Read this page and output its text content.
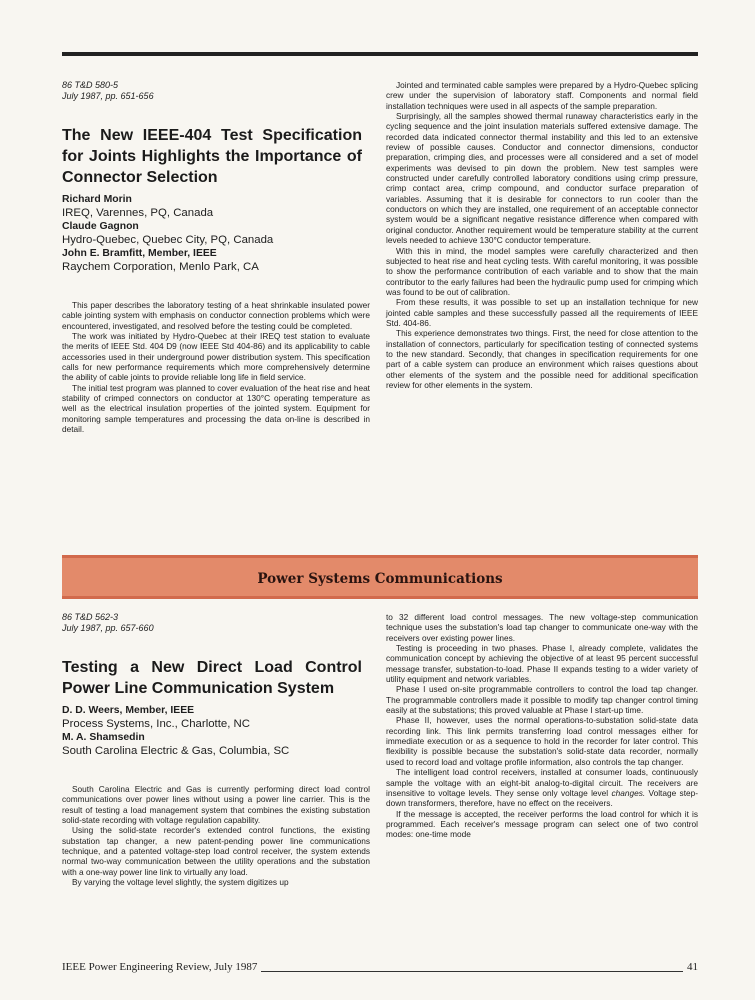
86 T&D 580-5

July 1987, pp. 651-656

The New IEEE-404 Test Specification for Joints Highlights the Importance of Connector Selection

Richard Morin

IREQ, Varennes, PQ, Canada

Claude Gagnon

Hydro-Quebec, Quebec City, PQ, Canada

John E. Bramfitt, Member, IEEE

Raychem Corporation, Menlo Park, CA

This paper describes the laboratory testing of a heat shrinkable insulated power cable jointing system with emphasis on conductor connection problems which were encountered, investigated, and resolved before the testing could be completed.

The work was initiated by Hydro-Quebec at their IREQ test station to evaluate the merits of IEEE Std. 404 D9 (now IEEE Std 404-86) and its applicability to cable accessories used in their underground power distribution system. This specification calls for new performance requirements which more comprehensively determine the ability of cable joints to provide reliable long life in field service.

The initial test program was planned to cover evaluation of the heat rise and heat stability of crimped connectors on conductor at 130°C operating temperature as well as the electrical insulation properties of the jointed system. Equipment for monitoring sample temperatures and processing the data on-line is described in detail.

Jointed and terminated cable samples were prepared by a Hydro-Quebec splicing crew under the supervision of laboratory staff. Components and normal field installation techniques were used in all aspects of the sample preparation.

Surprisingly, all the samples showed thermal runaway characteristics early in the cycling sequence and the joint insulation materials suffered extensive damage. The recorded data indicated connector thermal instability and this led to an extensive review of possible causes. Conductor and connector dimensions, conductor preparation, crimping dies, and processes were all considered and a set of model experiments was devised to pin down the problem. New test samples were constructed under carefully controlled laboratory conditions using crimp pressure, crimp contact area, crimp compound, and conductor surface preparation of variables. Assuming that it is desirable for connectors to run cooler than the conductors on which they are installed, one requirement of an acceptable connector system would be a significant negative resistance difference when compared with original conductor. Another requirement would be temperature stability at the current levels needed to achieve 130°C conductor temperature.

With this in mind, the model samples were carefully characterized and then subjected to heat rise and heat cycling tests. With careful monitoring, it was possible to show the performance contribution of each variable and to show that the main contributor to the early failures had been the hydraulic pump used for crimping which was found to be out of calibration.

From these results, it was possible to set up an installation technique for new jointed cable samples and these successfully passed all the requirements of IEEE Std. 404-86.

This experience demonstrates two things. First, the need for close attention to the installation of connectors, particularly for specification testing of connected systems to the new standard. Secondly, that changes in specification requirements for one part of a cable system can produce an environment which raises questions about other elements of the system and the possible need for additional specification review for other elements in the system.

Power Systems Communications

86 T&D 562-3

July 1987, pp. 657-660

Testing a New Direct Load Control Power Line Communication System

D. D. Weers, Member, IEEE

Process Systems, Inc., Charlotte, NC

M. A. Shamsedin

South Carolina Electric & Gas, Columbia, SC

South Carolina Electric and Gas is currently performing direct load control communications over power lines without using a power line carrier. This is the result of testing a load management system that combines the existing substation solid-state recording with voltage regulation capability.

Using the solid-state recorder's extended control functions, the existing substation tap changer, a new patent-pending power line communications technique, and a patented voltage-step load control receiver, the system extends normal two-way communication between the utility operations and the substation with a one-way power line link to virtually any load.

By varying the voltage level slightly, the system digitizes up

to 32 different load control messages. The new voltage-step communication technique uses the substation's load tap changer to communicate one-way with the receivers over existing power lines.

Testing is proceeding in two phases. Phase I, already complete, validates the communication concept by achieving the objective of at least 95 percent successful message transfer, substation-to-load. Phase II expands testing to a wider variety of utility equipment and network variables.

Phase I used on-site programmable controllers to control the load tap changer. The programmable controllers made it possible to modify tap changer control timing easily at the substations; this proved valuable at Phase I start-up time.

Phase II, however, uses the normal operations-to-substation solid-state data recording link. This link permits transferring load control messages either for immediate execution or as a sequence to hold in the recorder for later control. This flexibility is possible because the substation's solid-state data recorder, normally used to record load and voltage profile information, also controls the tap changer.

The intelligent load control receivers, installed at consumer loads, continuously sample the voltage with an eight-bit analog-to-digital circuit. The receivers are insensitive to voltage levels. They sense only voltage level changes. Voltage step-down transformers, therefore, have no effect on the receivers.

If the message is accepted, the receiver performs the load control for which it is programmed. Each receiver's message program can select one of two control modes: one-time mode

IEEE Power Engineering Review, July 1987	41
